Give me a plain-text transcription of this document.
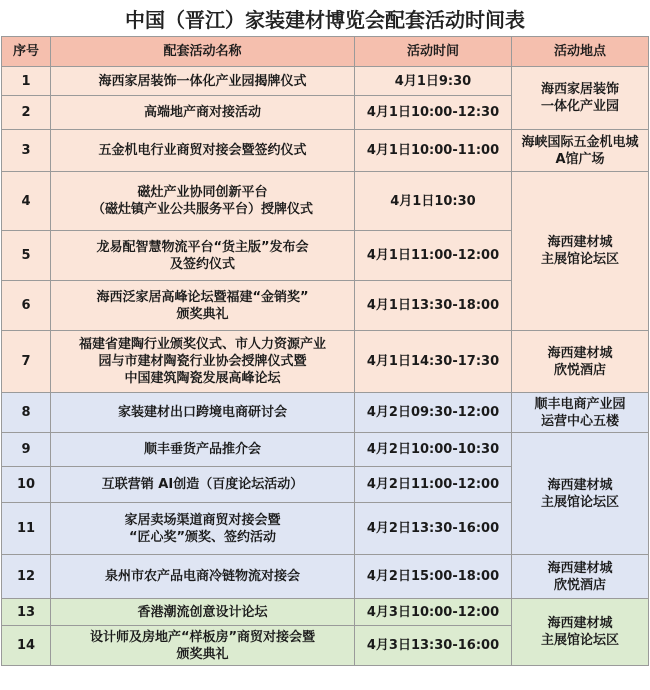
中国（晋江）家装建材博览会配套活动时间表
序号	配套活动名称	活动时间	活动地点
1	海西家居装饰一体化产业园揭牌仪式	4月1日9:30	海西家居装饰
一体化产业园
2	高端地产商对接活动	4月1日10:00-12:30	
3	五金机电行业商贸对接会暨签约仪式	4月1日10:00-11:00	海峡国际五金机电城
A馆广场
4	磁灶产业协同创新平台
（磁灶镇产业公共服务平台）授牌仪式	4月1日10:30	海西建材城
主展馆论坛区
5	龙易配智慧物流平台“货主版”发布会
及签约仪式	4月1日11:00-12:00	
6	海西泛家居高峰论坛暨福建“金销奖”
颁奖典礼	4月1日13:30-18:00	
7	福建省建陶行业颁奖仪式、市人力资源产业
园与市建材陶瓷行业协会授牌仪式暨
中国建筑陶瓷发展高峰论坛	4月1日14:30-17:30	海西建材城
欣悦酒店
8	家装建材出口跨境电商研讨会	4月2日09:30-12:00	顺丰电商产业园
运营中心五楼
9	顺丰垂货产品推介会	4月2日10:00-10:30	海西建材城
主展馆论坛区
10	互联营销 AI创造（百度论坛活动）	4月2日11:00-12:00	
11	家居卖场渠道商贸对接会暨
“匠心奖”颁奖、签约活动	4月2日13:30-16:00	
12	泉州市农产品电商冷链物流对接会	4月2日15:00-18:00	海西建材城
欣悦酒店
13	香港潮流创意设计论坛	4月3日10:00-12:00	海西建材城
主展馆论坛区
14	设计师及房地产“样板房”商贸对接会暨
颁奖典礼	4月3日13:30-16:00	
